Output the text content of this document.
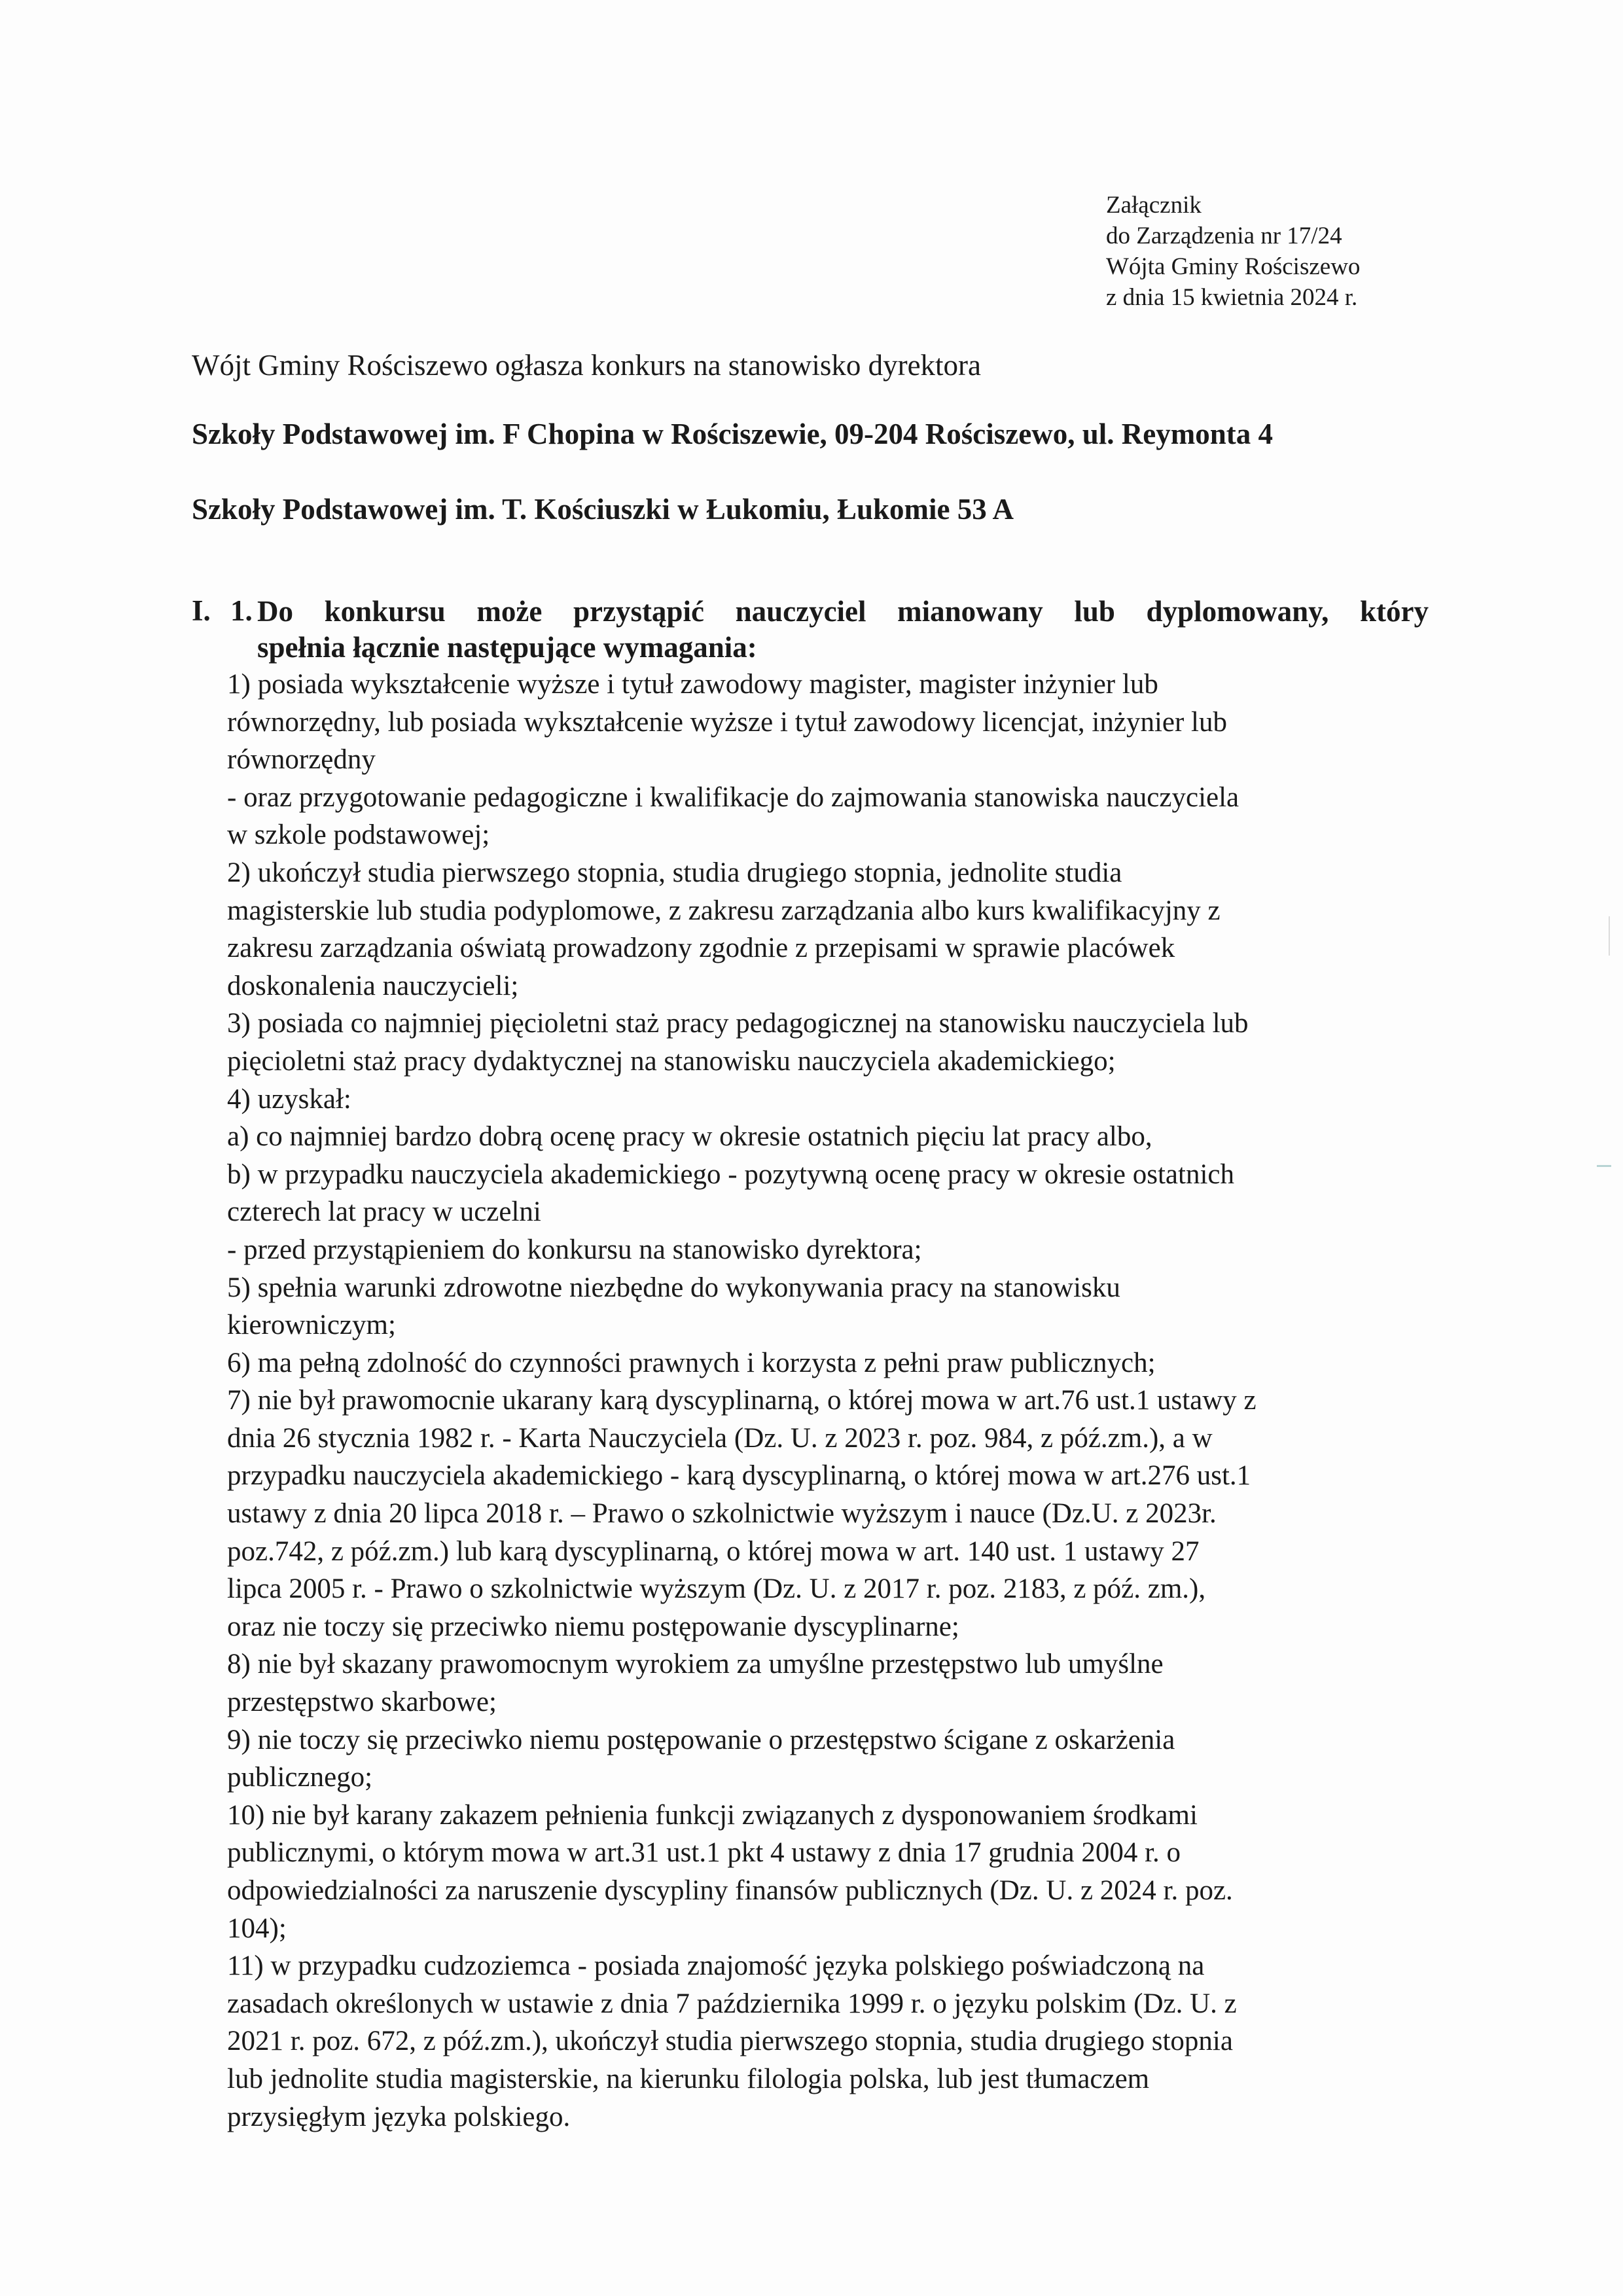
Załącznik
do Zarządzenia nr 17/24
Wójta Gminy Rościszewo
z dnia 15 kwietnia 2024 r.
Wójt Gminy Rościszewo ogłasza konkurs na stanowisko dyrektora
Szkoły Podstawowej im. F Chopina w Rościszewie, 09-204 Rościszewo, ul. Reymonta 4
Szkoły Podstawowej im. T. Kościuszki w Łukomiu, Łukomie 53 A
I. 1. Do konkursu może przystąpić nauczyciel mianowany lub dyplomowany, który
spełnia łącznie następujące wymagania:
1) posiada wykształcenie wyższe i tytuł zawodowy magister, magister inżynier lub
równorzędny, lub posiada wykształcenie wyższe i tytuł zawodowy licencjat, inżynier lub
równorzędny
- oraz przygotowanie pedagogiczne i kwalifikacje do zajmowania stanowiska nauczyciela
w szkole podstawowej;
2) ukończył studia pierwszego stopnia, studia drugiego stopnia, jednolite studia
magisterskie lub studia podyplomowe, z zakresu zarządzania albo kurs kwalifikacyjny z
zakresu zarządzania oświatą prowadzony zgodnie z przepisami w sprawie placówek
doskonalenia nauczycieli;
3) posiada co najmniej pięcioletni staż pracy pedagogicznej na stanowisku nauczyciela lub
pięcioletni staż pracy dydaktycznej na stanowisku nauczyciela akademickiego;
4) uzyskał:
a) co najmniej bardzo dobrą ocenę pracy w okresie ostatnich pięciu lat pracy albo,
b) w przypadku nauczyciela akademickiego - pozytywną ocenę pracy w okresie ostatnich
czterech lat pracy w uczelni
- przed przystąpieniem do konkursu na stanowisko dyrektora;
5) spełnia warunki zdrowotne niezbędne do wykonywania pracy na stanowisku
kierowniczym;
6) ma pełną zdolność do czynności prawnych i korzysta z pełni praw publicznych;
7) nie był prawomocnie ukarany karą dyscyplinarną, o której mowa w art.76 ust.1 ustawy z
dnia 26 stycznia 1982 r. - Karta Nauczyciela (Dz. U. z 2023 r. poz. 984, z póź.zm.), a w
przypadku nauczyciela akademickiego - karą dyscyplinarną, o której mowa w art.276 ust.1
ustawy z dnia 20 lipca 2018 r. – Prawo o szkolnictwie wyższym i nauce (Dz.U. z 2023r.
poz.742, z póź.zm.) lub karą dyscyplinarną, o której mowa w art. 140 ust. 1 ustawy 27
lipca 2005 r. - Prawo o szkolnictwie wyższym (Dz. U. z 2017 r. poz. 2183, z póź. zm.),
oraz nie toczy się przeciwko niemu postępowanie dyscyplinarne;
8) nie był skazany prawomocnym wyrokiem za umyślne przestępstwo lub umyślne
przestępstwo skarbowe;
9) nie toczy się przeciwko niemu postępowanie o przestępstwo ścigane z oskarżenia
publicznego;
10) nie był karany zakazem pełnienia funkcji związanych z dysponowaniem środkami
publicznymi, o którym mowa w art.31 ust.1 pkt 4 ustawy z dnia 17 grudnia 2004 r. o
odpowiedzialności za naruszenie dyscypliny finansów publicznych (Dz. U. z 2024 r. poz.
104);
11) w przypadku cudzoziemca - posiada znajomość języka polskiego poświadczoną na
zasadach określonych w ustawie z dnia 7 października 1999 r. o języku polskim (Dz. U. z
2021 r. poz. 672, z póź.zm.), ukończył studia pierwszego stopnia, studia drugiego stopnia
lub jednolite studia magisterskie, na kierunku filologia polska, lub jest tłumaczem
przysięgłym języka polskiego.
